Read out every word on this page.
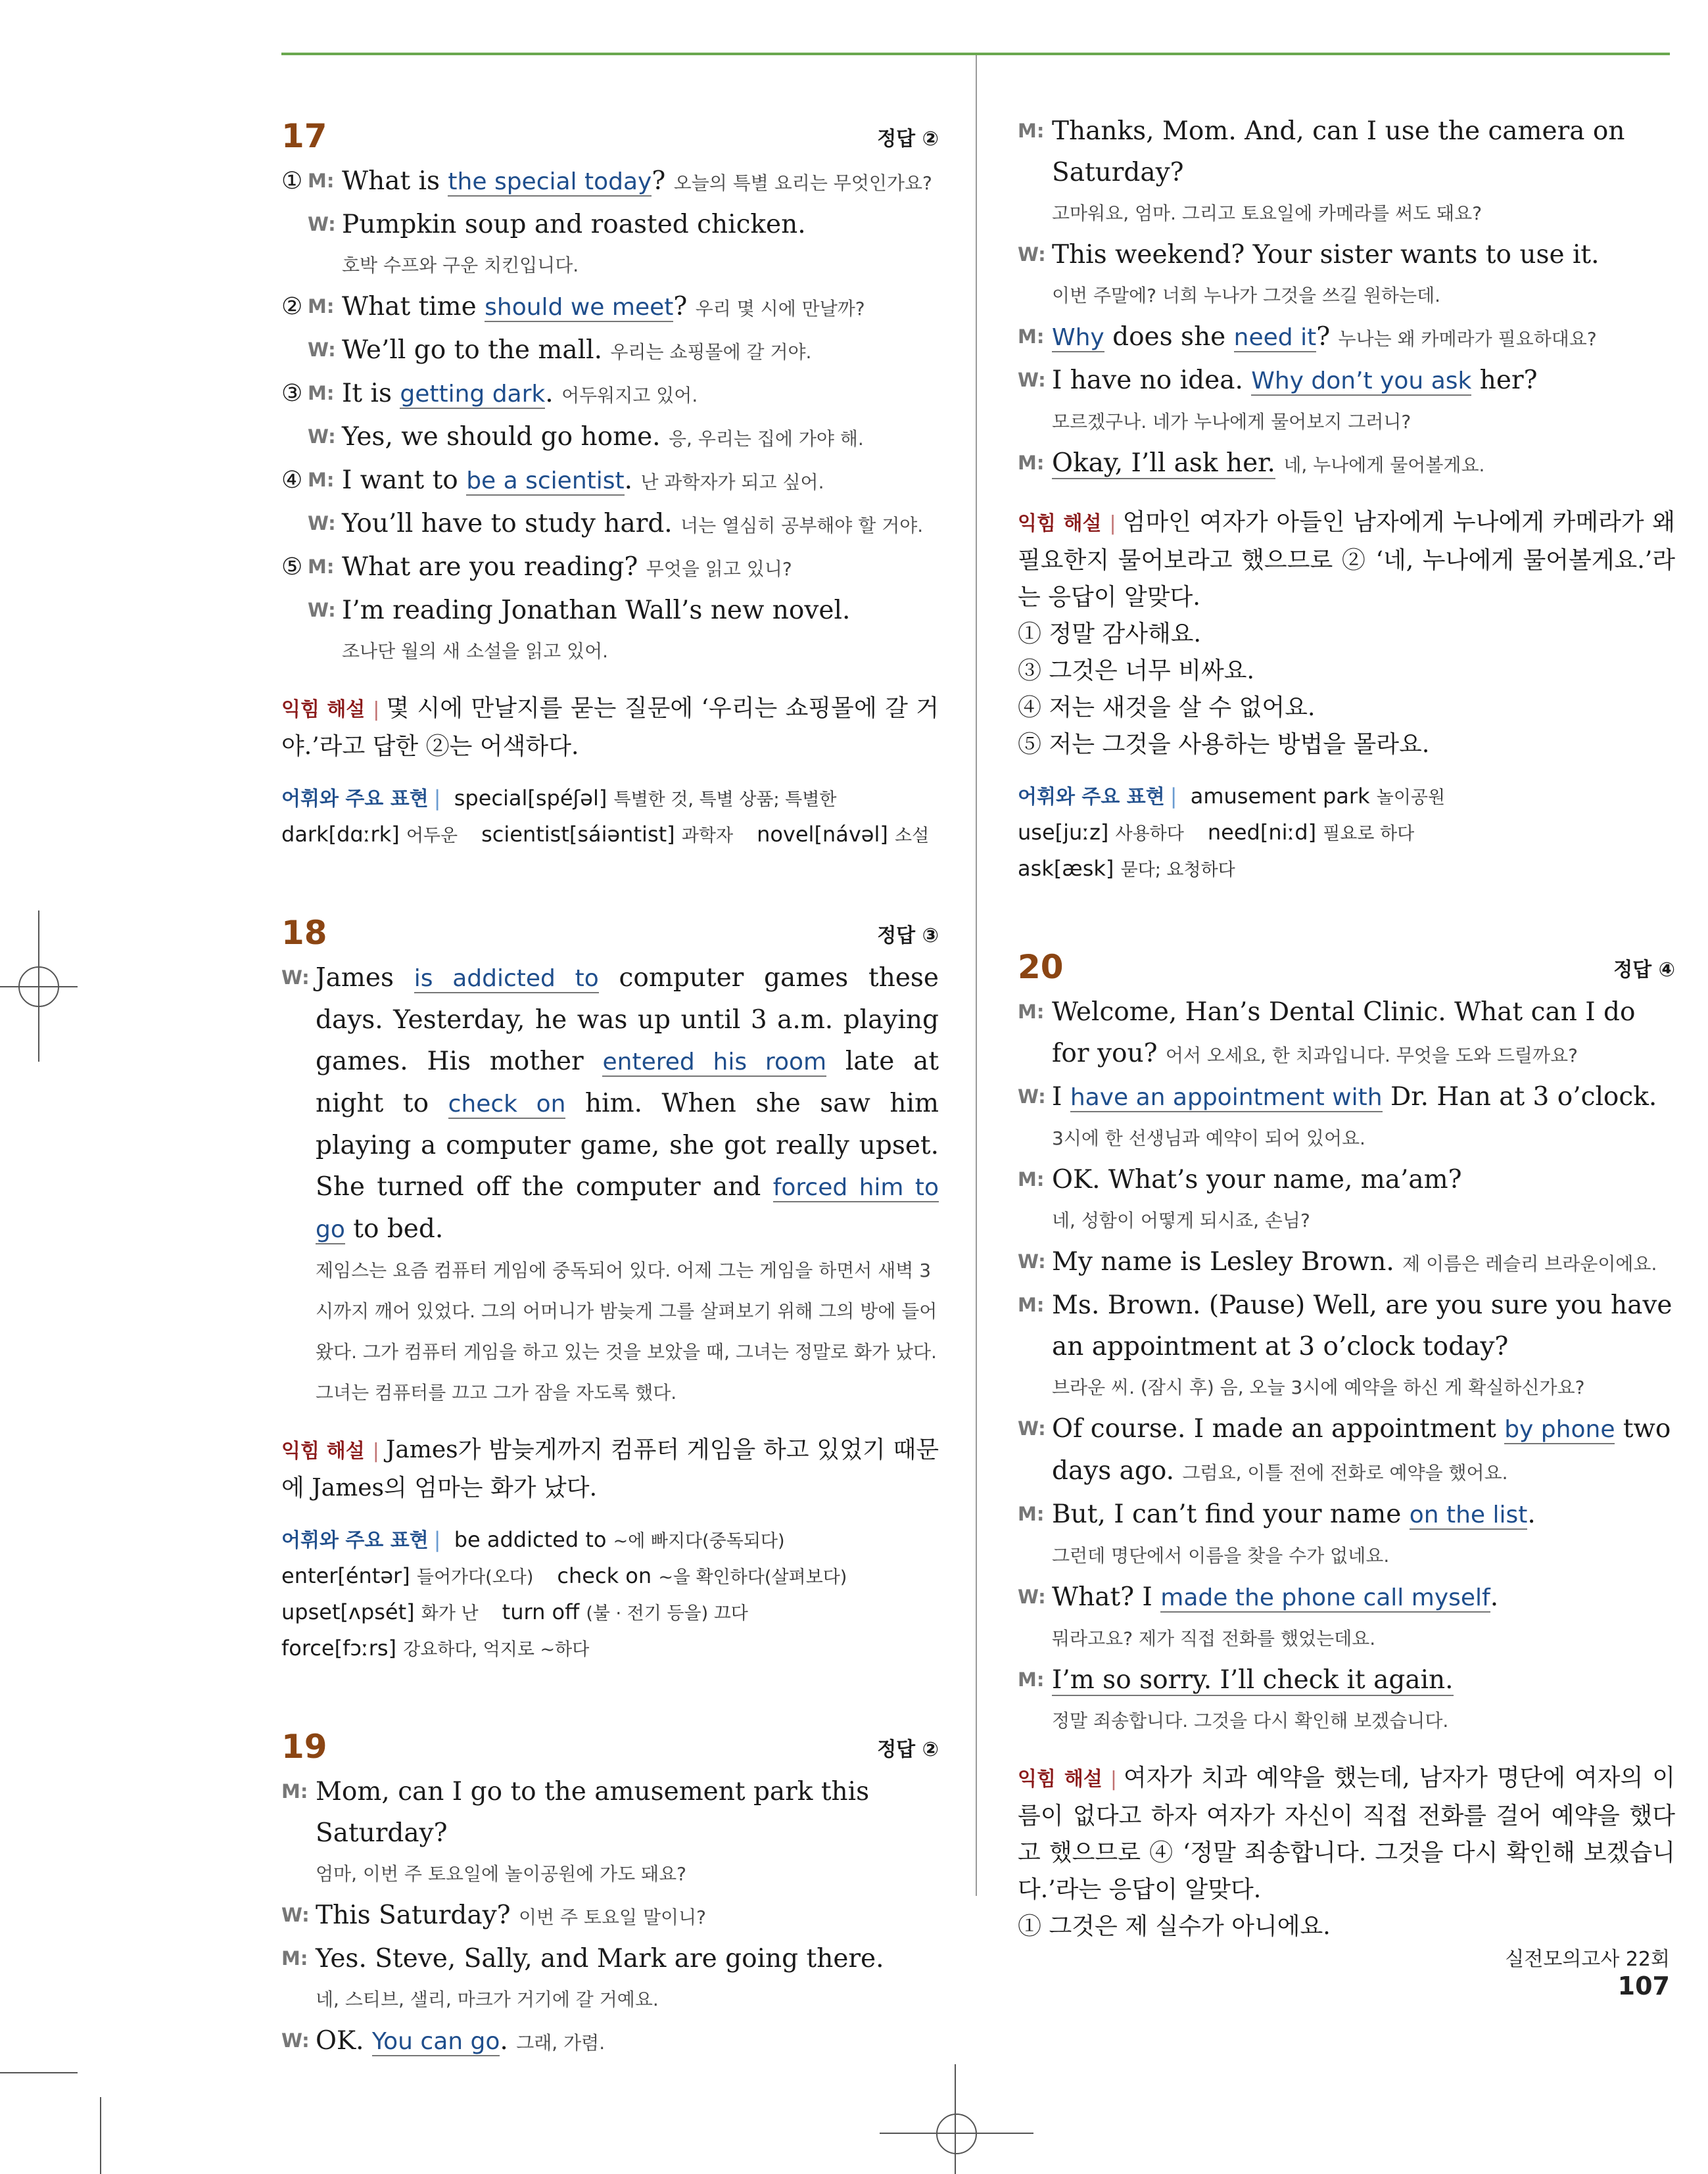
17	정답 ②
① M: What is the special today? 오늘의 특별 요리는 무엇인가요?
W: Pumpkin soup and roasted chicken.
호박 수프와 구운 치킨입니다.
② M: What time should we meet? 우리 몇 시에 만날까?
W: We’ll go to the mall. 우리는 쇼핑몰에 갈 거야.
③ M: It is getting dark. 어두워지고 있어.
W: Yes, we should go home. 응, 우리는 집에 가야 해.
④ M: I want to be a scientist. 난 과학자가 되고 싶어.
W: You’ll have to study hard. 너는 열심히 공부해야 할 거야.
⑤ M: What are you reading? 무엇을 읽고 있니?
W: I’m reading Jonathan Wall’s new novel.
조나단 월의 새 소설을 읽고 있어.
익힘 해설 | 몇 시에 만날지를 묻는 질문에 ‘우리는 쇼핑몰에 갈 거야.’라고 답한 ②는 어색하다.
어휘와 주요 표현 | special[spéʃəl] 특별한 것, 특별 상품; 특별한
dark[dɑːrk] 어두운 scientist[sáiəntist] 과학자 novel[návəl] 소설
18	정답 ③
W: James is addicted to computer games these days. Yesterday, he was up until 3 a.m. playing games. His mother entered his room late at night to check on him. When she saw him playing a computer game, she got really upset. She turned off the computer and forced him to go to bed.
제임스는 요즘 컴퓨터 게임에 중독되어 있다. 어제 그는 게임을 하면서 새벽 3시까지 깨어 있었다. 그의 어머니가 밤늦게 그를 살펴보기 위해 그의 방에 들어왔다. 그가 컴퓨터 게임을 하고 있는 것을 보았을 때, 그녀는 정말로 화가 났다. 그녀는 컴퓨터를 끄고 그가 잠을 자도록 했다.
익힘 해설 | James가 밤늦게까지 컴퓨터 게임을 하고 있었기 때문에 James의 엄마는 화가 났다.
어휘와 주요 표현 | be addicted to ~에 빠지다(중독되다)
enter[éntər] 들어가다(오다) check on ~을 확인하다(살펴보다)
upset[ʌpsét] 화가 난 turn off (불 · 전기 등을) 끄다
force[fɔːrs] 강요하다, 억지로 ~하다
19	정답 ②
M: Mom, can I go to the amusement park this Saturday?
엄마, 이번 주 토요일에 놀이공원에 가도 돼요?
W: This Saturday? 이번 주 토요일 말이니?
M: Yes. Steve, Sally, and Mark are going there.
네, 스티브, 샐리, 마크가 거기에 갈 거예요.
W: OK. You can go. 그래, 가렴.
M: Thanks, Mom. And, can I use the camera on Saturday?
고마워요, 엄마. 그리고 토요일에 카메라를 써도 돼요?
W: This weekend? Your sister wants to use it.
이번 주말에? 너희 누나가 그것을 쓰길 원하는데.
M: Why does she need it? 누나는 왜 카메라가 필요하대요?
W: I have no idea. Why don’t you ask her?
모르겠구나. 네가 누나에게 물어보지 그러니?
M: Okay, I’ll ask her. 네, 누나에게 물어볼게요.
익힘 해설 | 엄마인 여자가 아들인 남자에게 누나에게 카메라가 왜 필요한지 물어보라고 했으므로 ② ‘네, 누나에게 물어볼게요.’라는 응답이 알맞다.
① 정말 감사해요.
③ 그것은 너무 비싸요.
④ 저는 새것을 살 수 없어요.
⑤ 저는 그것을 사용하는 방법을 몰라요.
어휘와 주요 표현 | amusement park 놀이공원
use[juːz] 사용하다 need[niːd] 필요로 하다
ask[æsk] 묻다; 요청하다
20	정답 ④
M: Welcome, Han’s Dental Clinic. What can I do for you? 어서 오세요, 한 치과입니다. 무엇을 도와 드릴까요?
W: I have an appointment with Dr. Han at 3 o’clock.
3시에 한 선생님과 예약이 되어 있어요.
M: OK. What’s your name, ma’am?
네, 성함이 어떻게 되시죠, 손님?
W: My name is Lesley Brown. 제 이름은 레슬리 브라운이에요.
M: Ms. Brown. (Pause) Well, are you sure you have an appointment at 3 o’clock today?
브라운 씨. (잠시 후) 음, 오늘 3시에 예약을 하신 게 확실하신가요?
W: Of course. I made an appointment by phone two days ago. 그럼요, 이틀 전에 전화로 예약을 했어요.
M: But, I can’t find your name on the list.
그런데 명단에서 이름을 찾을 수가 없네요.
W: What? I made the phone call myself.
뭐라고요? 제가 직접 전화를 했었는데요.
M: I’m so sorry. I’ll check it again.
정말 죄송합니다. 그것을 다시 확인해 보겠습니다.
익힘 해설 | 여자가 치과 예약을 했는데, 남자가 명단에 여자의 이름이 없다고 하자 여자가 자신이 직접 전화를 걸어 예약을 했다고 했으므로 ④ ‘정말 죄송합니다. 그것을 다시 확인해 보겠습니다.’라는 응답이 알맞다.
① 그것은 제 실수가 아니에요.
실전모의고사 22회107
